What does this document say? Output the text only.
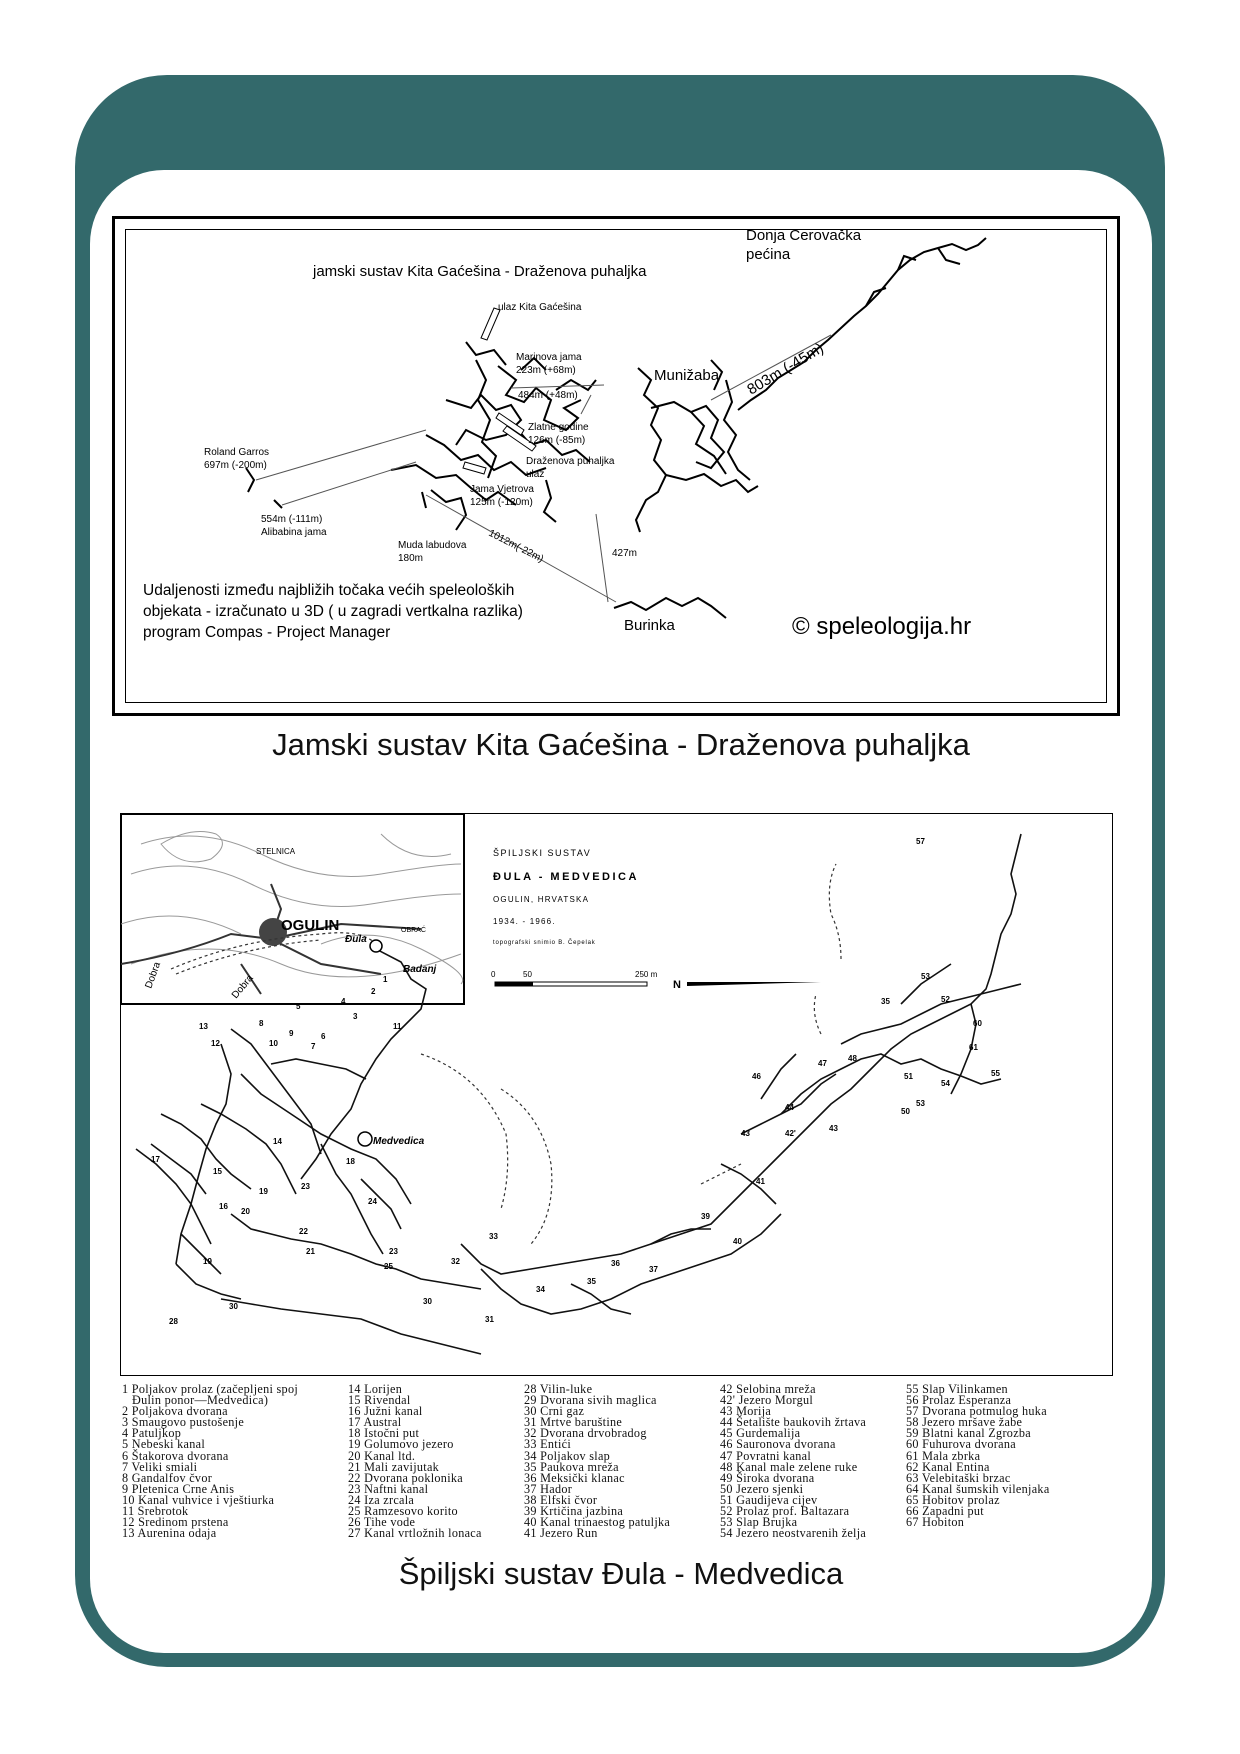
jamski sustav Kita Gaćešina - Draženova puhaljka
Donja Cerovačka
pećina
ulaz Kita Gaćešina
Marinova jama
223m (+68m)
484m (+48m)
Munižaba 803m (-45m)
Zlatne godine
126m (-85m)
Draženova puhaljka
ulaz
Roland Garros
697m (-200m)
Jama Vjetrova
125m (-120m)
554m (-111m)
Alibabina jama
Muda labudova
180m	1012m(-22m)	427m
Burinka
Udaljenosti između najbližih točaka većih speleoloških
objekata - izračunato u 3D ( u zagradi vertkalna razlika)
program Compas - Project Manager	© speleologija.hr
Jamski sustav Kita Gaćešina - Draženova puhaljka
OGULIN
STELNICA
Dobra	Dobra
OBRAĆ
ŠPILJSKI SUSTAV
ĐULA - MEDVEDICA
OGULIN, HRVATSKA
1934. - 1966.
topografski snimio B. Čepelak
0	50	250 m
N
Đula
Badanj
Medvedica
57
53
52
35
60
61
55
54
53
51
50
48
47
46
44
43
42'
43
41
39
40
37
36
35
34
33
32
31
30
25
23
21
22
24
23
18
16
20
19
15
14
17
19
30
28
13
12
11
8
9
7
4
3
5
2
1
10
6
1 Poljakov prolaz (začepljeni spoj
Đulin ponor—Medvedica)
2 Poljakova dvorana
3 Smaugovo pustošenje
4 Patuljkop
5 Nebeski kanal
6 Štakorova dvorana
7 Veliki smiali
8 Gandalfov čvor
9 Pletenica Crne Anis
10 Kanal vuhvice i vještiurka
11 Srebrotok
12 Sredinom prstena
13 Aurenina odaja
14 Lorijen
15 Rivendal
16 Južni kanal
17 Austral
18 Istočni put
19 Golumovo jezero
20 Kanal ltd.
21 Mali zavijutak
22 Dvorana poklonika
23 Naftni kanal
24 Iza zrcala
25 Ramzesovo korito
26 Tihe vode
27 Kanal vrtložnih lonaca
28 Vilin-luke
29 Dvorana sivih maglica
30 Crni gaz
31 Mrtve baruštine
32 Dvorana drvobradog
33 Entići
34 Poljakov slap
35 Paukova mreža
36 Meksički klanac
37 Hador
38 Elfski čvor
39 Krtičina jazbina
40 Kanal trinaestog patuljka
41 Jezero Run
42 Selobina mreža
42' Jezero Morgul
43 Morija
44 Šetalište baukovih žrtava
45 Gurdemalija
46 Sauronova dvorana
47 Povratni kanal
48 Kanal male zelene ruke
49 Široka dvorana
50 Jezero sjenki
51 Gaudijeva cijev
52 Prolaz prof. Baltazara
53 Slap Brujka
54 Jezero neostvarenih želja
55 Slap Vilinkamen
56 Prolaz Esperanza
57 Dvorana potmulog huka
58 Jezero mršave žabe
59 Blatni kanal Zgrozba
60 Fuhurova dvorana
61 Mala zbrka
62 Kanal Entina
63 Velebitaški brzac
64 Kanal šumskih vilenjaka
65 Hobitov prolaz
66 Zapadni put
67 Hobiton
Špiljski sustav Đula - Medvedica
